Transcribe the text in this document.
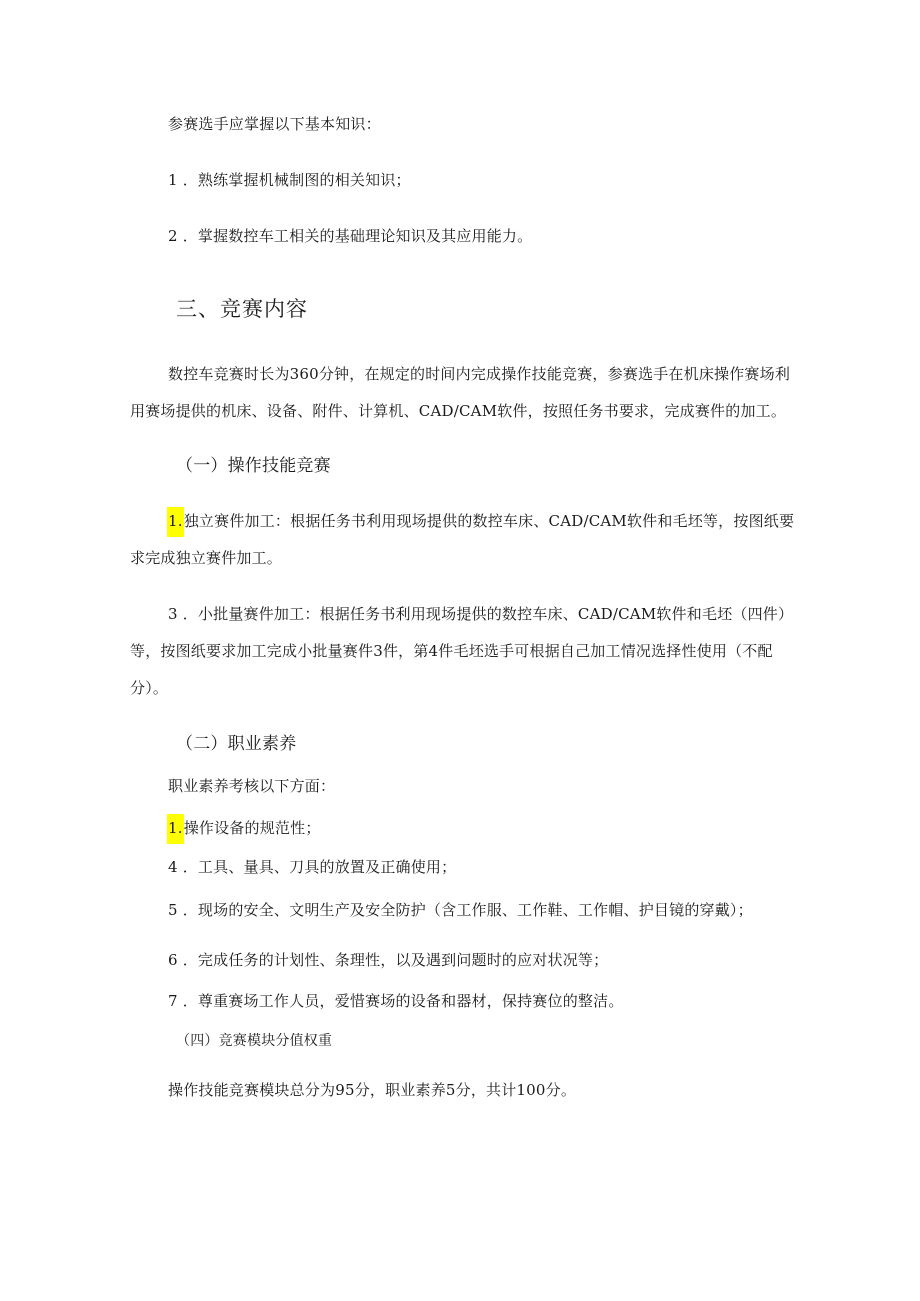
参赛选手应掌握以下基本知识：
1 ．熟练掌握机械制图的相关知识；
2 ．掌握数控车工相关的基础理论知识及其应用能力。
三、竞赛内容
数控车竞赛时长为360分钟，在规定的时间内完成操作技能竞赛，参赛选手在机床操作赛场利
用赛场提供的机床、设备、附件、计算机、CAD/CAM软件，按照任务书要求，完成赛件的加工。
（一）操作技能竞赛
1.独立赛件加工：根据任务书利用现场提供的数控车床、CAD/CAM软件和毛坯等，按图纸要
求完成独立赛件加工。
3 ．小批量赛件加工：根据任务书利用现场提供的数控车床、CAD/CAM软件和毛坯（四件）
等，按图纸要求加工完成小批量赛件3件，第4件毛坯选手可根据自己加工情况选择性使用（不配
分）。
（二）职业素养
职业素养考核以下方面：
1.操作设备的规范性；
4 ．工具、量具、刀具的放置及正确使用；
5 ．现场的安全、文明生产及安全防护（含工作服、工作鞋、工作帽、护目镜的穿戴）；
6 ．完成任务的计划性、条理性，以及遇到问题时的应对状况等；
7 ．尊重赛场工作人员，爱惜赛场的设备和器材，保持赛位的整洁。
（四）竞赛模块分值权重
操作技能竞赛模块总分为95分，职业素养5分，共计100分。
